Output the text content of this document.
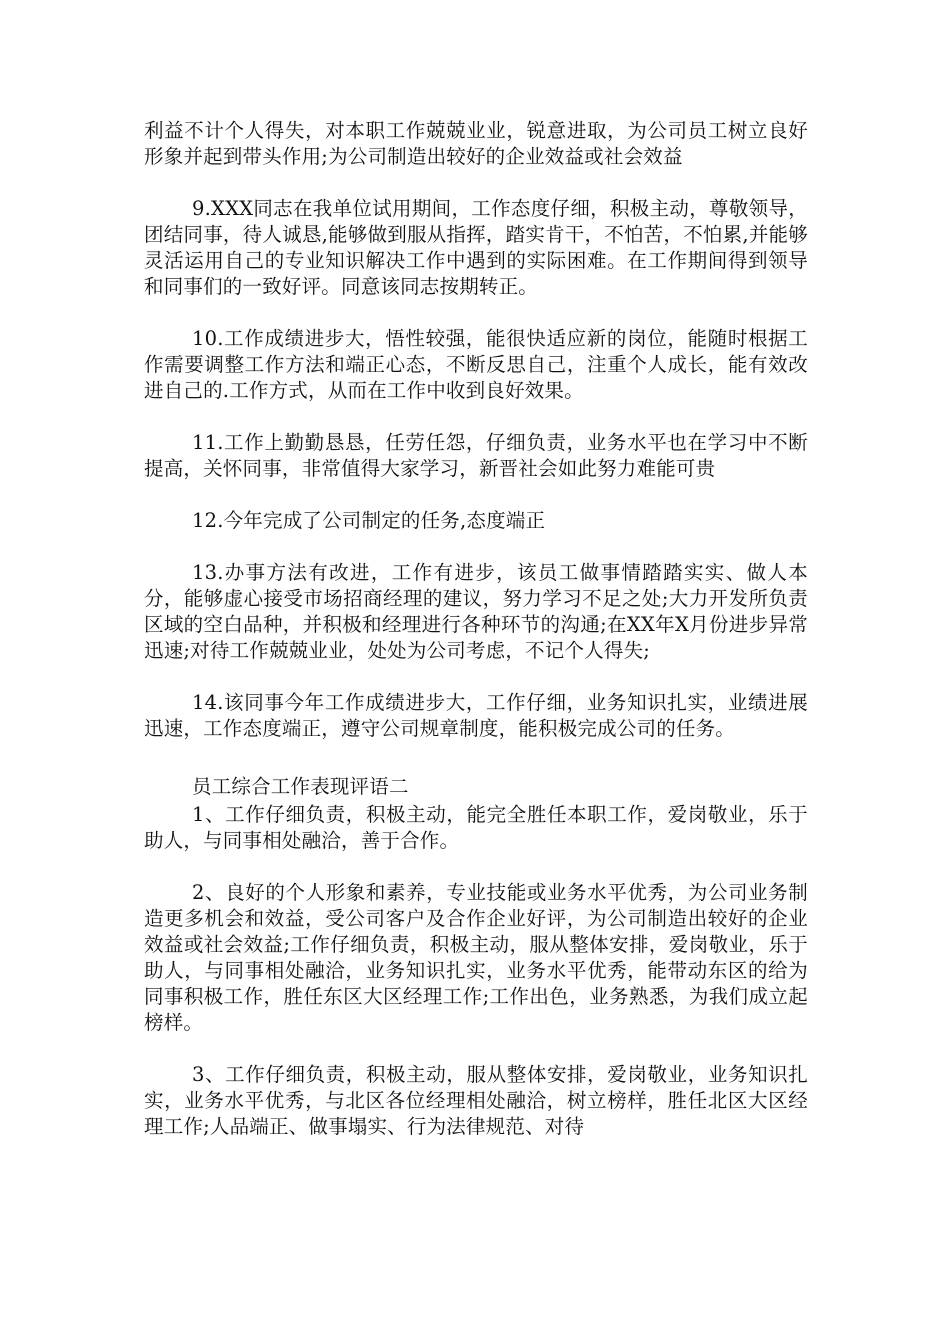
利益不计个人得失，对本职工作兢兢业业，锐意进取，为公司员工树立良好形象并起到带头作用;为公司制造出较好的企业效益或社会效益

9.XXX同志在我单位试用期间，工作态度仔细，积极主动，尊敬领导，团结同事，待人诚恳,能够做到服从指挥，踏实肯干，不怕苦，不怕累,并能够灵活运用自己的专业知识解决工作中遇到的实际困难。在工作期间得到领导和同事们的一致好评。同意该同志按期转正。

10.工作成绩进步大，悟性较强，能很快适应新的岗位，能随时根据工作需要调整工作方法和端正心态，不断反思自己，注重个人成长，能有效改进自己的.工作方式，从而在工作中收到良好效果。

11.工作上勤勤恳恳，任劳任怨，仔细负责，业务水平也在学习中不断提高，关怀同事，非常值得大家学习，新晋社会如此努力难能可贵

12.今年完成了公司制定的任务,态度端正

13.办事方法有改进，工作有进步，该员工做事情踏踏实实、做人本分，能够虚心接受市场招商经理的建议，努力学习不足之处;大力开发所负责区域的空白品种，并积极和经理进行各种环节的沟通;在XX年X月份进步异常迅速;对待工作兢兢业业，处处为公司考虑，不记个人得失;

14.该同事今年工作成绩进步大，工作仔细，业务知识扎实，业绩进展迅速，工作态度端正，遵守公司规章制度，能积极完成公司的任务。

员工综合工作表现评语二

1、工作仔细负责，积极主动，能完全胜任本职工作，爱岗敬业，乐于助人，与同事相处融洽，善于合作。

2、良好的个人形象和素养，专业技能或业务水平优秀，为公司业务制造更多机会和效益，受公司客户及合作企业好评，为公司制造出较好的企业效益或社会效益;工作仔细负责，积极主动，服从整体安排，爱岗敬业，乐于助人，与同事相处融洽，业务知识扎实，业务水平优秀，能带动东区的给为同事积极工作，胜任东区大区经理工作;工作出色，业务熟悉，为我们成立起榜样。

3、工作仔细负责，积极主动，服从整体安排，爱岗敬业，业务知识扎实，业务水平优秀，与北区各位经理相处融洽，树立榜样，胜任北区大区经理工作;人品端正、做事塌实、行为法律规范、对待
